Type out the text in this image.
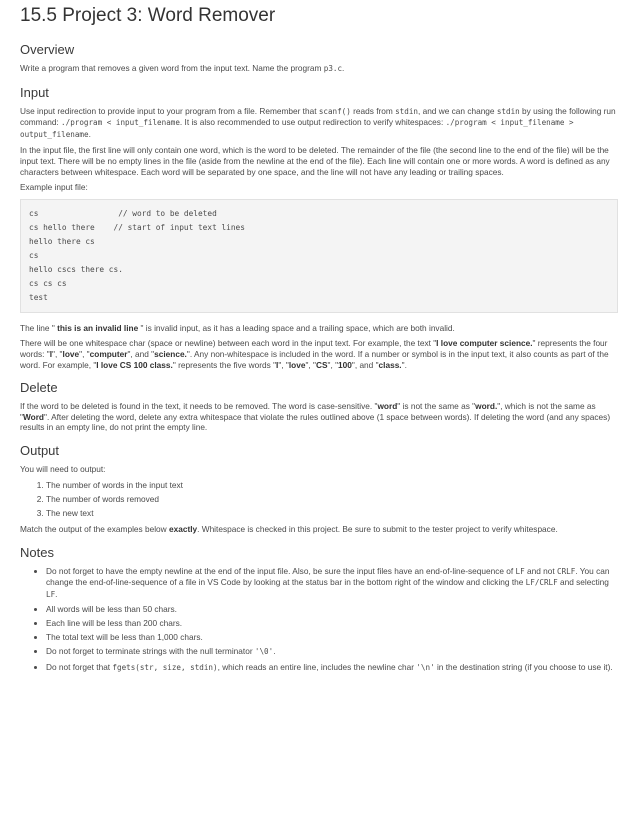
15.5 Project 3: Word Remover
Overview

Write a program that removes a given word from the input text. Name the program p3.c.

Input

Use input redirection to provide input to your program from a file. Remember that scanf() reads from stdin, and we can change stdin by using the following run command: ./program < input_filename. It is also recommended to use output redirection to verify whitespaces: ./program < input_filename > output_filename.

In the input file, the first line will only contain one word, which is the word to be deleted. The remainder of the file (the second line to the end of the file) will be the input text. There will be no empty lines in the file (aside from the newline at the end of the file). Each line will contain one or more words. A word is defined as any characters between whitespace. Each word will be separated by one space, and the line will not have any leading or trailing spaces.

Example input file:

cs                 // word to be deleted
cs hello there    // start of input text lines
hello there cs
cs
hello cscs there cs.
cs cs cs
test

The line " this is an invalid line " is invalid input, as it has a leading space and a trailing space, which are both invalid.

There will be one whitespace char (space or newline) between each word in the input text. For example, the text "I love computer science." represents the four words: "I", "love", "computer", and "science.". Any non-whitespace is included in the word. If a number or symbol is in the input text, it also counts as part of the word. For example, "I love CS 100 class." represents the five words "I", "love", "CS", "100", and "class.".

Delete

If the word to be deleted is found in the text, it needs to be removed. The word is case-sensitive. "word" is not the same as "word.", which is not the same as "Word". After deleting the word, delete any extra whitespace that violate the rules outlined above (1 space between words). If deleting the word (and any spaces) results in an empty line, do not print the empty line.

Output

You will need to output:

1. The number of words in the input text
2. The number of words removed
3. The new text

Match the output of the examples below exactly. Whitespace is checked in this project. Be sure to submit to the tester project to verify whitespace.

Notes
• Do not forget to have the empty newline at the end of the input file. Also, be sure the input files have an end-of-line-sequence of LF and not CRLF. You can change the end-of-line-sequence of a file in VS Code by looking at the status bar in the bottom right of the window and clicking the LF/CRLF and selecting LF.
• All words will be less than 50 chars.
• Each line will be less than 200 chars.
• The total text will be less than 1,000 chars.
• Do not forget to terminate strings with the null terminator '\0'.
• Do not forget that fgets(str, size, stdin), which reads an entire line, includes the newline char '\n' in the destination string (if you choose to use it).
